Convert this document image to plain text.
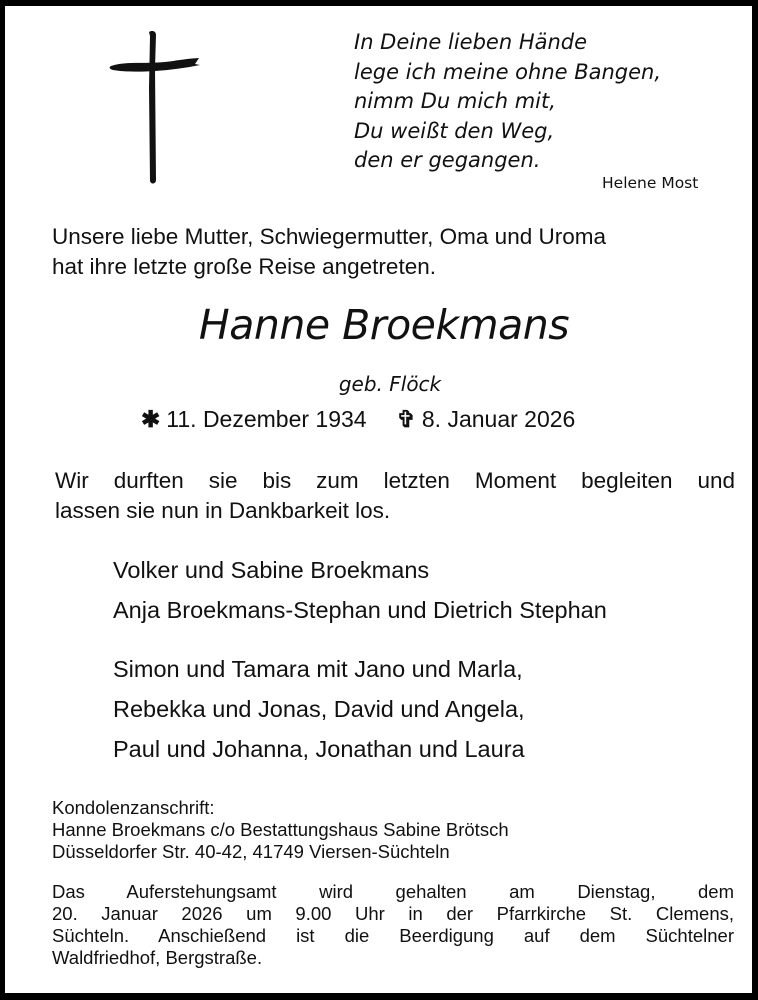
In Deine lieben Hände
lege ich meine ohne Bangen,
nimm Du mich mit,
Du weißt den Weg,
den er gegangen.
Helene Most
Unsere liebe Mutter, Schwiegermutter, Oma und Uroma
hat ihre letzte große Reise angetreten.
Hanne Broekmans
geb. Flöck
✱ 11. Dezember 1934 ✞ 8. Januar 2026
Wir durften sie bis zum letzten Moment begleiten und
lassen sie nun in Dankbarkeit los.
Volker und Sabine Broekmans
Anja Broekmans-Stephan und Dietrich Stephan
Simon und Tamara mit Jano und Marla,
Rebekka und Jonas, David und Angela,
Paul und Johanna, Jonathan und Laura
Kondolenzanschrift:
Hanne Broekmans c/o Bestattungshaus Sabine Brötsch
Düsseldorfer Str. 40-42, 41749 Viersen-Süchteln
Das Auferstehungsamt wird gehalten am Dienstag, dem
20. Januar 2026 um 9.00 Uhr in der Pfarrkirche St. Clemens,
Süchteln. Anschießend ist die Beerdigung auf dem Süchtelner
Waldfriedhof, Bergstraße.
